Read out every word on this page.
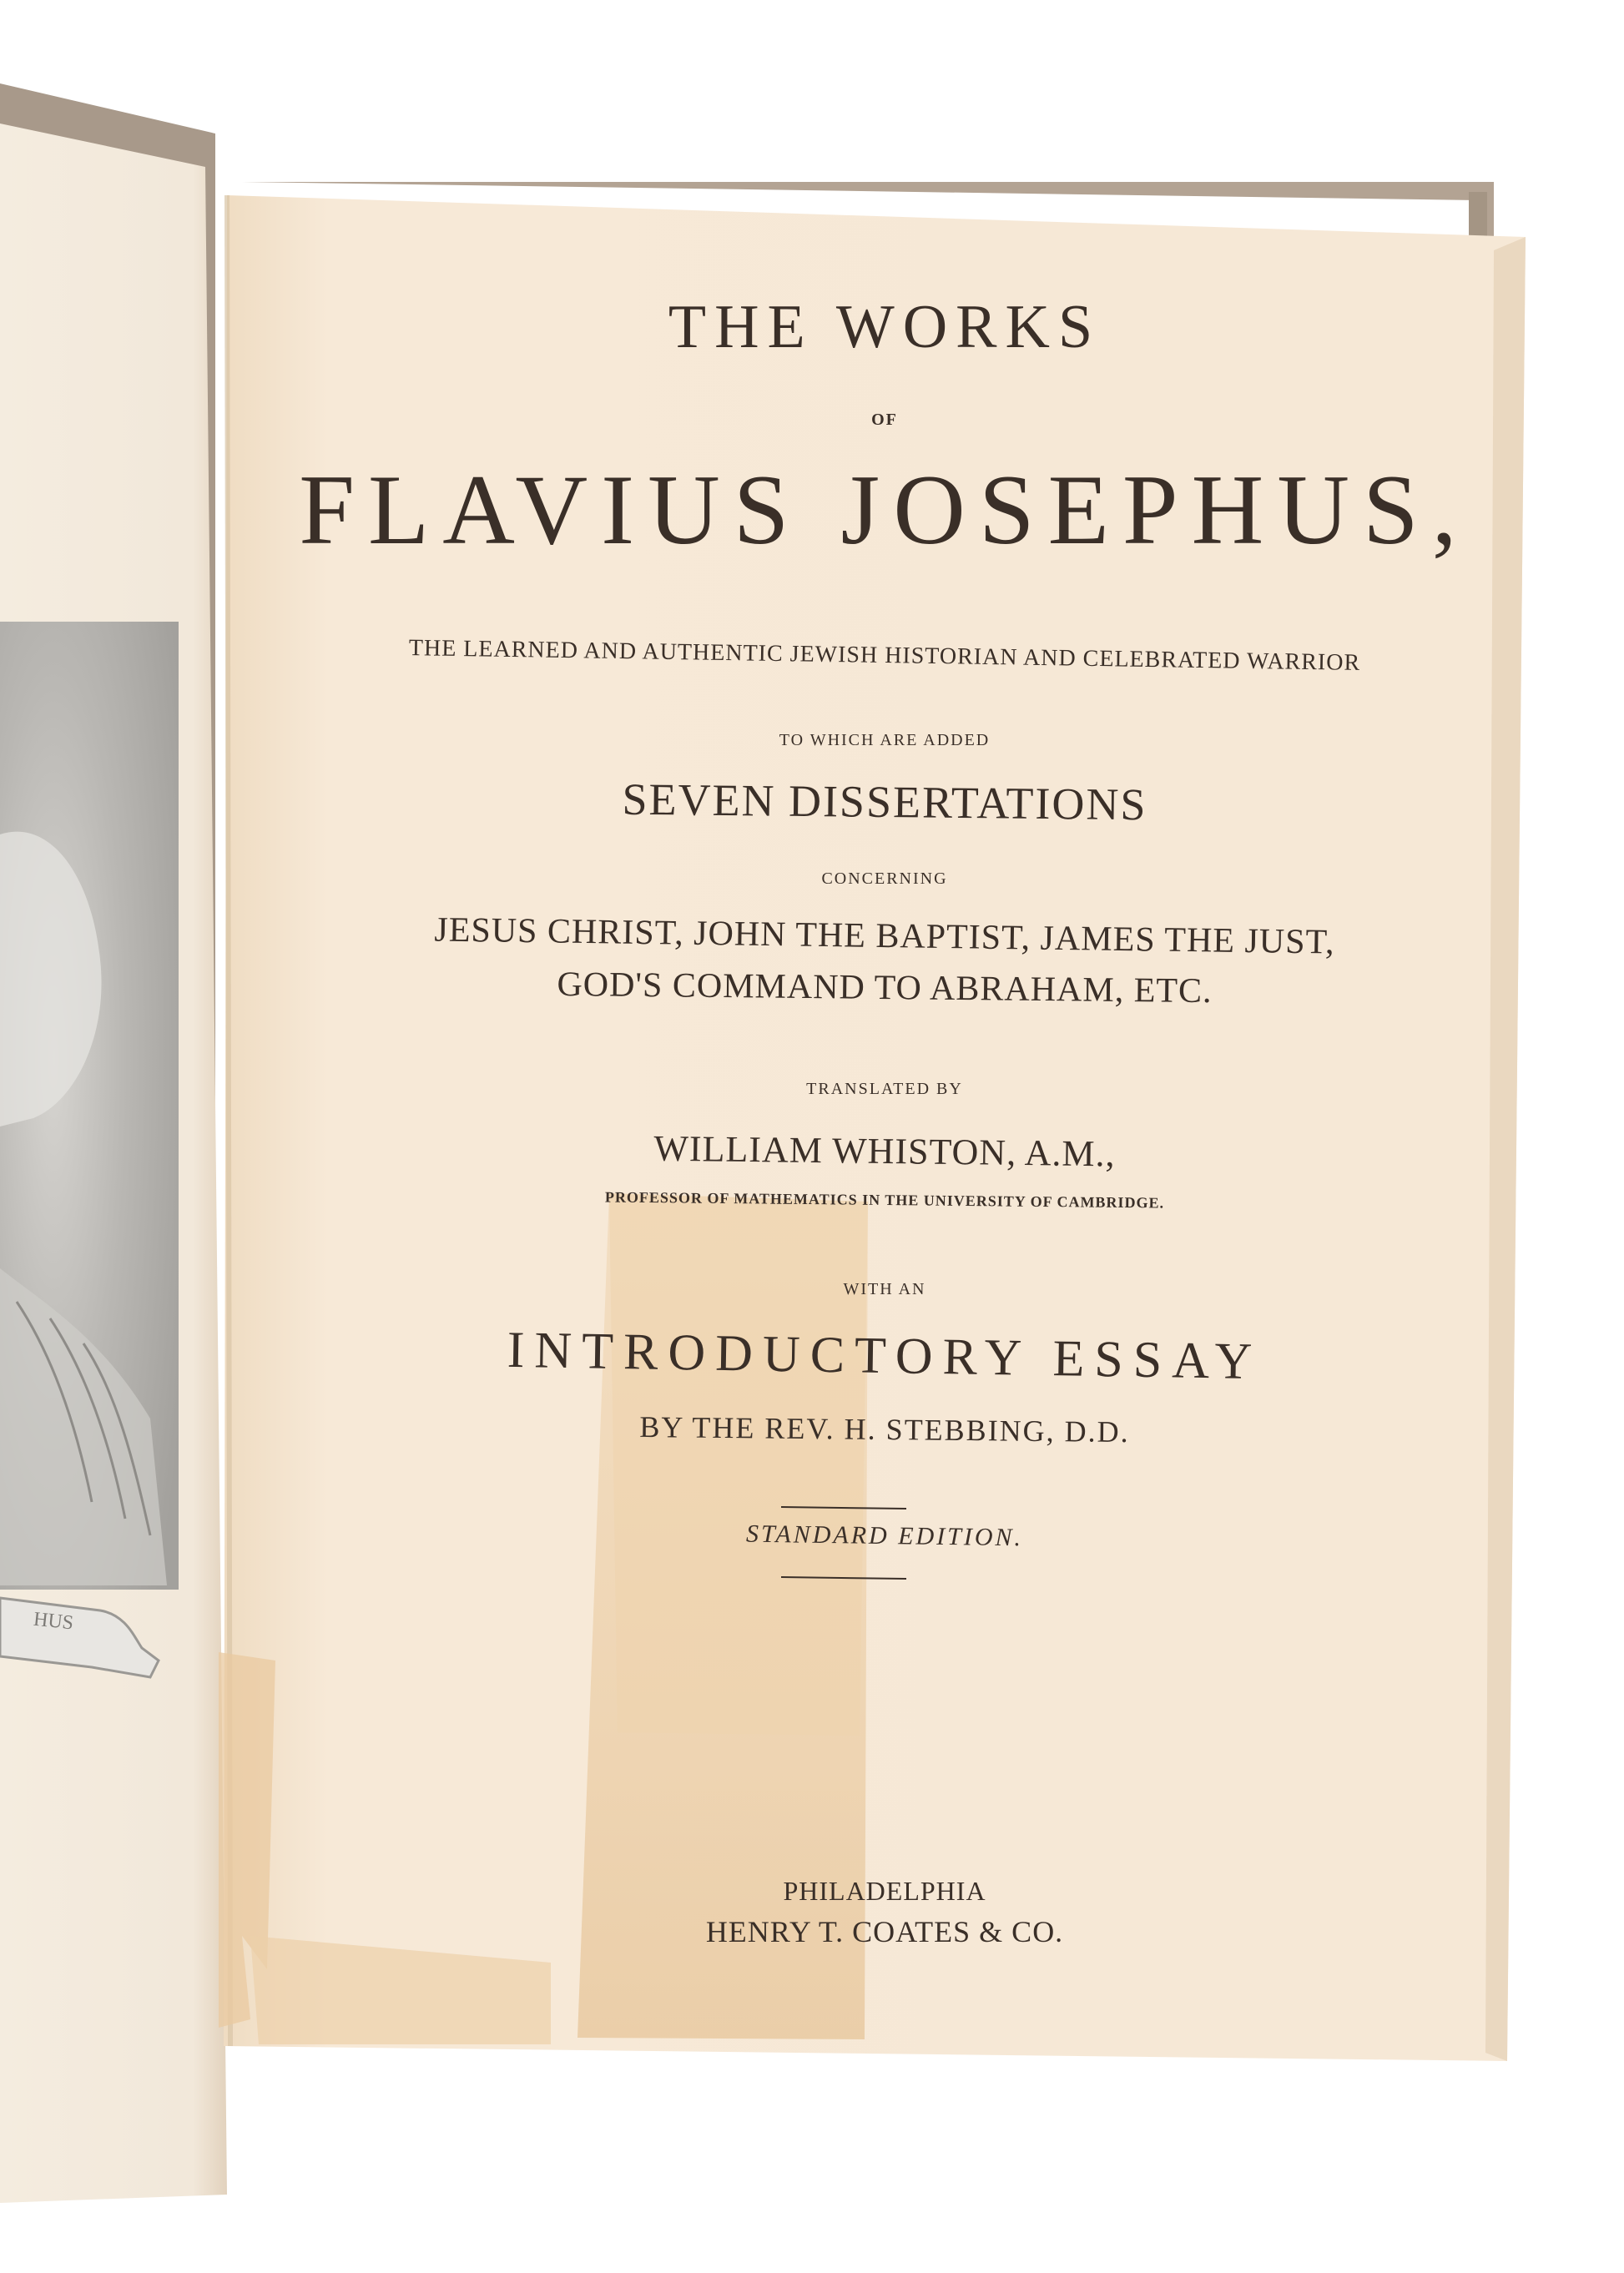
THE WORKS
OF
FLAVIUS JOSEPHUS,
THE LEARNED AND AUTHENTIC JEWISH HISTORIAN AND CELEBRATED WARRIOR
TO WHICH ARE ADDED
SEVEN DISSERTATIONS
CONCERNING
JESUS CHRIST, JOHN THE BAPTIST, JAMES THE JUST,
GOD'S COMMAND TO ABRAHAM, ETC.
TRANSLATED BY
WILLIAM WHISTON, A.M.,
PROFESSOR OF MATHEMATICS IN THE UNIVERSITY OF CAMBRIDGE.
WITH AN
INTRODUCTORY ESSAY
BY THE REV. H. STEBBING, D.D.
STANDARD EDITION.
PHILADELPHIA
HENRY T. COATES & CO.
HUS
